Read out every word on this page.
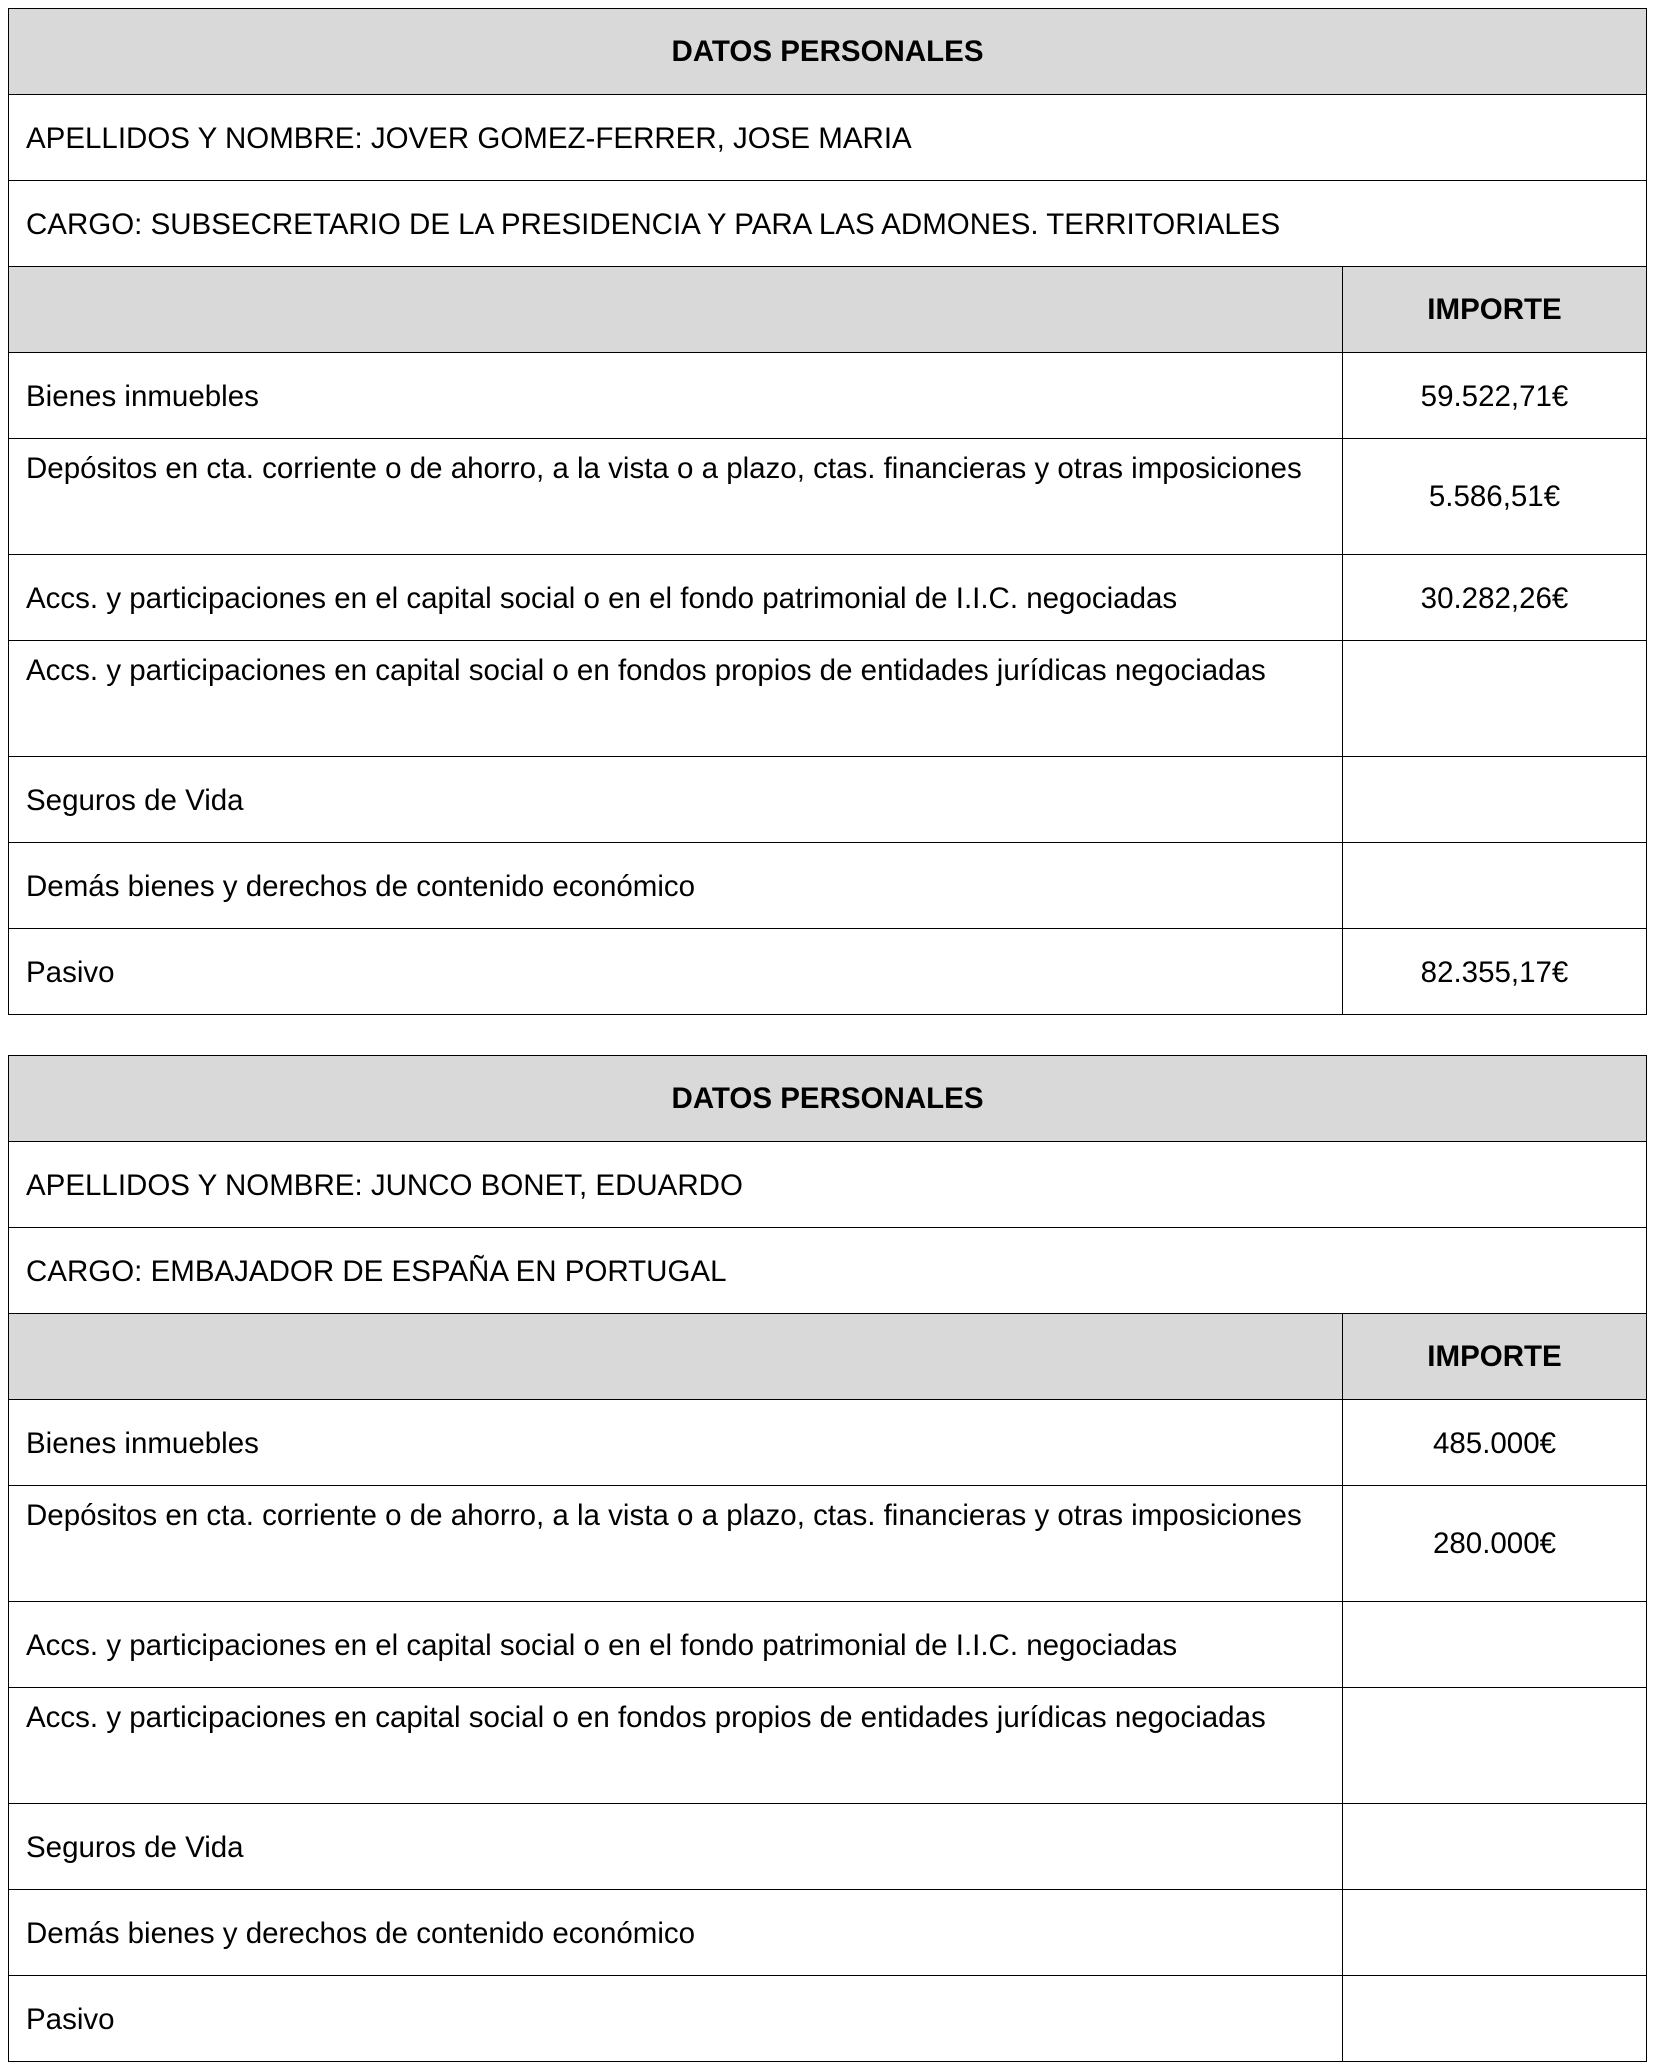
DATOS PERSONALES	
APELLIDOS Y NOMBRE: JOVER GOMEZ-FERRER, JOSE MARIA	
CARGO: SUBSECRETARIO DE LA PRESIDENCIA Y PARA LAS ADMONES. TERRITORIALES	
	IMPORTE
Bienes inmuebles	59.522,71€
Depósitos en cta. corriente o de ahorro, a la vista o a plazo, ctas. financieras y otras imposiciones	5.586,51€
Accs. y participaciones en el capital social o en el fondo patrimonial de I.I.C. negociadas	30.282,26€
Accs. y participaciones en capital social o en fondos propios de entidades jurídicas negociadas	
Seguros de Vida	
Demás bienes y derechos de contenido económico	
Pasivo	82.355,17€
DATOS PERSONALES	
APELLIDOS Y NOMBRE: JUNCO BONET, EDUARDO	
CARGO: EMBAJADOR DE ESPAÑA EN PORTUGAL	
	IMPORTE
Bienes inmuebles	485.000€
Depósitos en cta. corriente o de ahorro, a la vista o a plazo, ctas. financieras y otras imposiciones	280.000€
Accs. y participaciones en el capital social o en el fondo patrimonial de I.I.C. negociadas	
Accs. y participaciones en capital social o en fondos propios de entidades jurídicas negociadas	
Seguros de Vida	
Demás bienes y derechos de contenido económico	
Pasivo	
